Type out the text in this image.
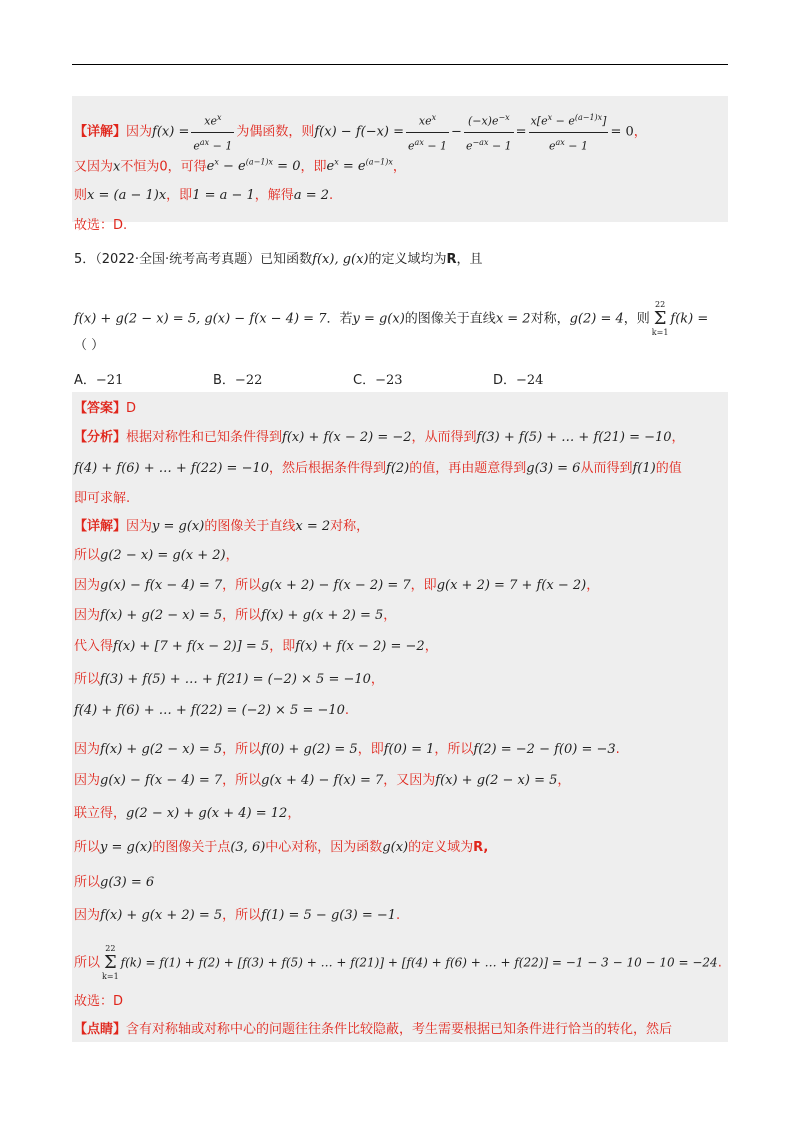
【详解】因为$f(x) = \frac{xe^x}{e^{ax} - 1}$ 为偶函数，则$f(x) - f(-x) = \frac{xe^x}{e^{ax} - 1} - \frac{(-x)e^{-x}}{e^{-ax} - 1} = \frac{x[e^x - e^{(a-1)x}]}{e^{ax} - 1} = 0$，
又因为x不恒为0，可得$e^x - e^{(a-1)x} = 0$，即$e^x = e^{(a-1)x}$，
则x = (a − 1)x，即1 = a − 1，解得a = 2.
故选：D.
5．（2022·全国·统考高考真题）已知函数f(x), g(x)的定义域均为R，且
f(x) + g(2 − x) = 5, g(x) − f(x − 4) = 7．若y = g(x)的图像关于直线x = 2对称，g(2) = 4，则
22
Σ
k=1
f(k) =
（ ）
A．−21	B．−22	C．−23	D．−24
【答案】D
【分析】根据对称性和已知条件得到f(x) + f(x − 2) = −2，从而得到f(3) + f(5) + … + f(21) = −10，
f(4) + f(6) + … + f(22) = −10，然后根据条件得到f(2)的值，再由题意得到g(3) = 6从而得到f(1)的值
即可求解.
【详解】因为y = g(x)的图像关于直线x = 2对称，
所以g(2 − x) = g(x + 2)，
因为g(x) − f(x − 4) = 7，所以g(x + 2) − f(x − 2) = 7，即g(x + 2) = 7 + f(x − 2)，
因为f(x) + g(2 − x) = 5，所以f(x) + g(x + 2) = 5，
代入得f(x) + [7 + f(x − 2)] = 5，即f(x) + f(x − 2) = −2，
所以f(3) + f(5) + … + f(21) = (−2) × 5 = −10，
f(4) + f(6) + … + f(22) = (−2) × 5 = −10.
因为f(x) + g(2 − x) = 5，所以f(0) + g(2) = 5，即f(0) = 1，所以f(2) = −2 − f(0) = −3.
因为g(x) − f(x − 4) = 7，所以g(x + 4) − f(x) = 7，又因为f(x) + g(2 − x) = 5，
联立得，g(2 − x) + g(x + 4) = 12，
所以y = g(x)的图像关于点(3, 6)中心对称，因为函数g(x)的定义域为R,
所以g(3) = 6
因为f(x) + g(x + 2) = 5，所以f(1) = 5 − g(3) = −1.
所以
22
Σ
k=1
f(k) = f(1) + f(2) + [f(3) + f(5) + … + f(21)] + [f(4) + f(6) + … + f(22)] = −1 − 3 − 10 − 10 = −24.
故选：D
【点睛】含有对称轴或对称中心的问题往往条件比较隐蔽，考生需要根据已知条件进行恰当的转化，然后
